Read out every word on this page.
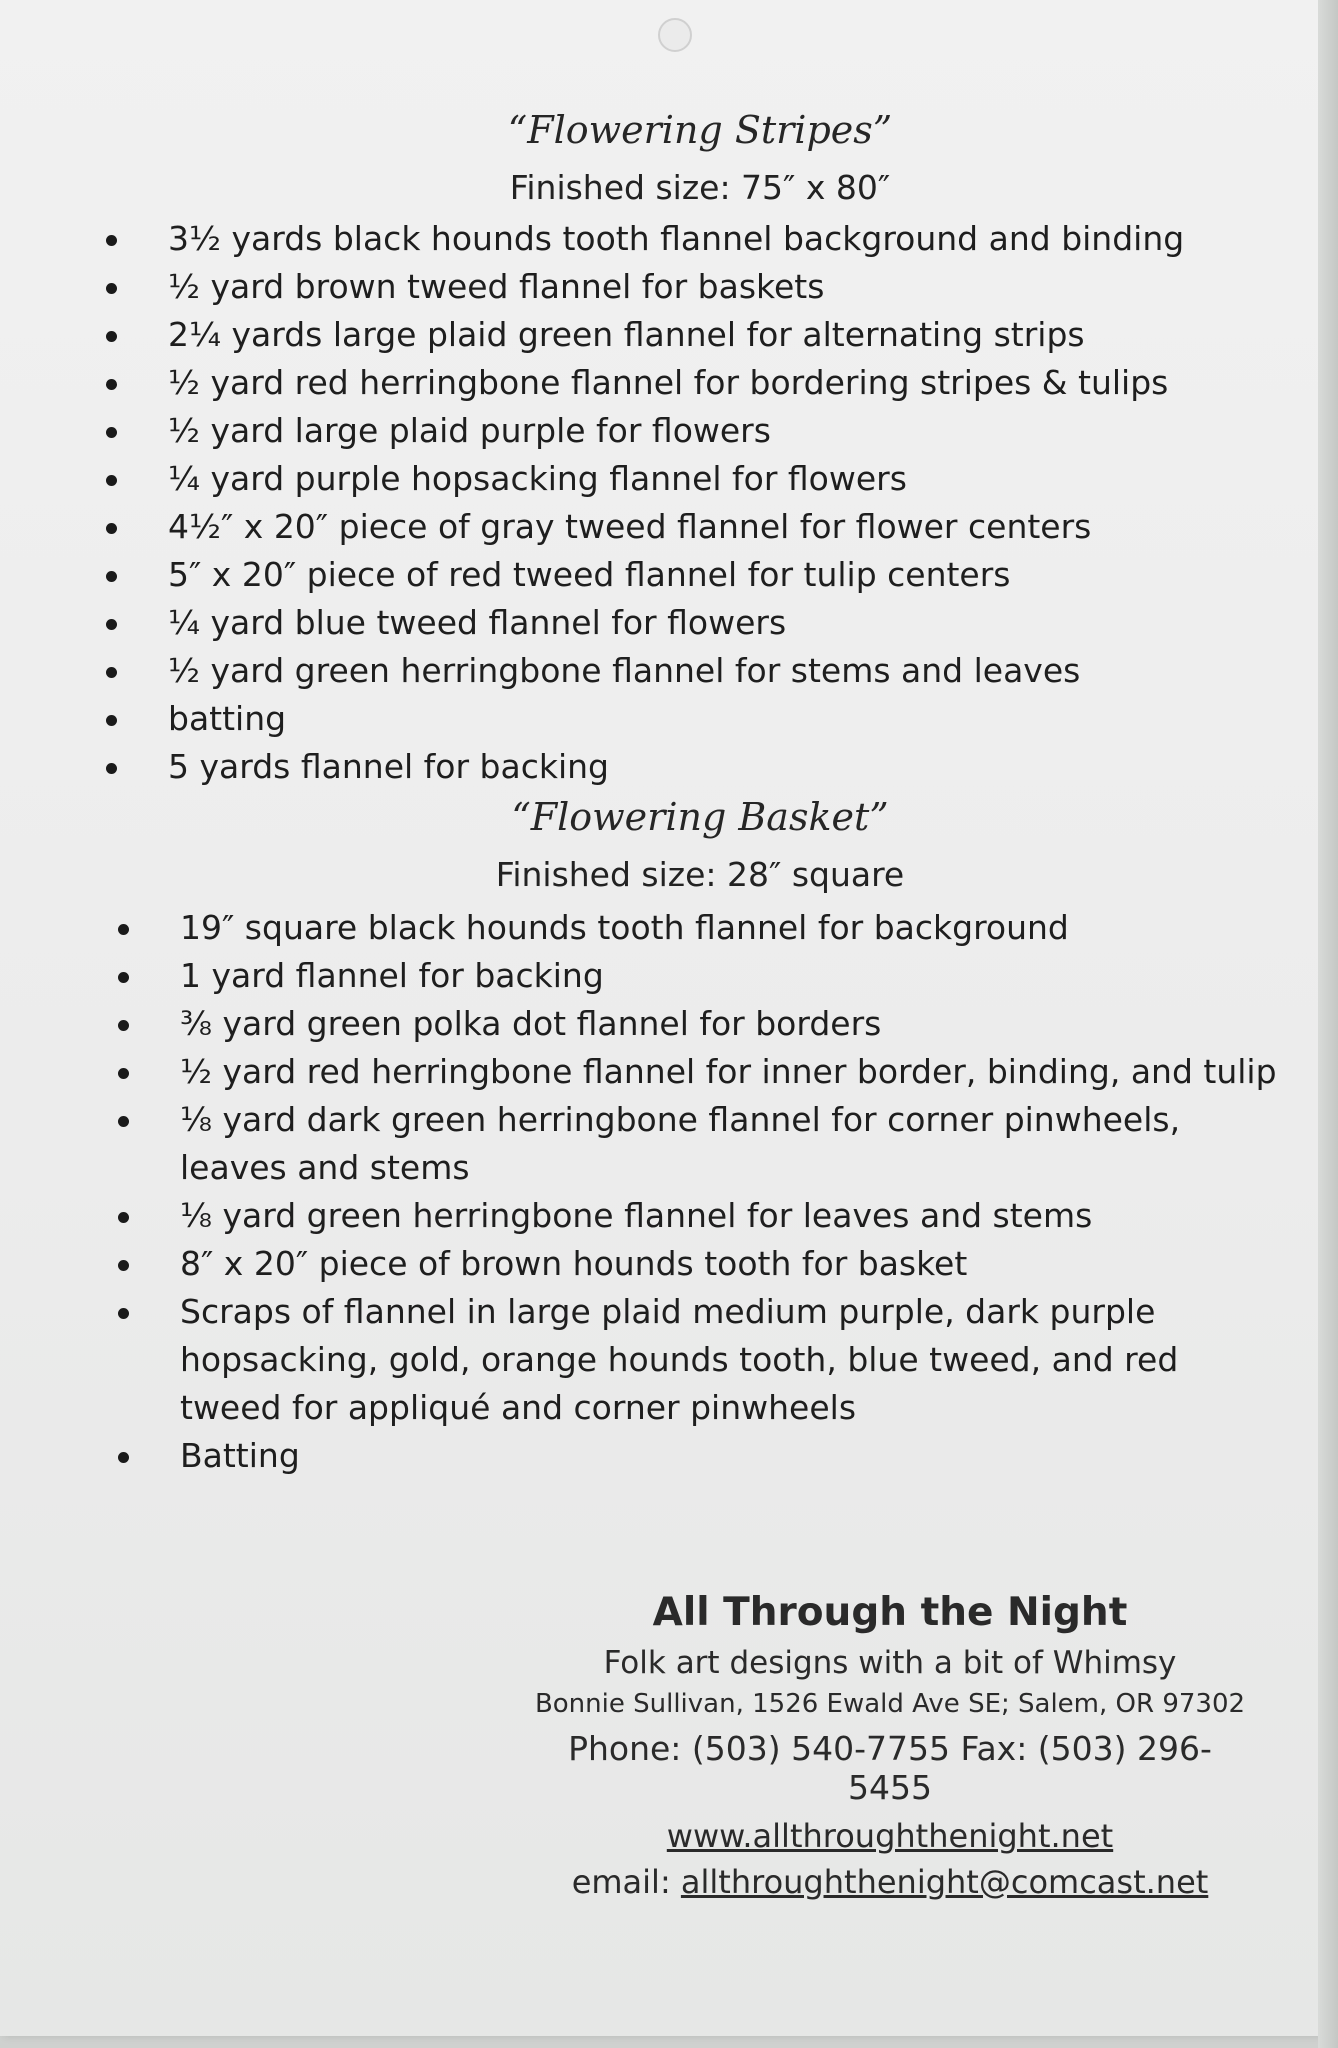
“Flowering Stripes”
Finished size: 75″ x 80″
3½ yards black hounds tooth flannel background and binding
½ yard brown tweed flannel for baskets
2¼ yards large plaid green flannel for alternating strips
½ yard red herringbone flannel for bordering stripes & tulips
½ yard large plaid purple for flowers
¼ yard purple hopsacking flannel for flowers
4½″ x 20″ piece of gray tweed flannel for flower centers
5″ x 20″ piece of red tweed flannel for tulip centers
¼ yard blue tweed flannel for flowers
½ yard green herringbone flannel for stems and leaves
batting
5 yards flannel for backing
“Flowering Basket”
Finished size: 28″ square
19″ square black hounds tooth flannel for background
1 yard flannel for backing
⅜ yard green polka dot flannel for borders
½ yard red herringbone flannel for inner border, binding, and tulip
⅛ yard dark green herringbone flannel for corner pinwheels, leaves and stems
⅛ yard green herringbone flannel for leaves and stems
8″ x 20″ piece of brown hounds tooth for basket
Scraps of flannel in large plaid medium purple, dark purple hopsacking, gold, orange hounds tooth, blue tweed, and red tweed for appliqué and corner pinwheels
Batting
All Through the Night
Folk art designs with a bit of Whimsy
Bonnie Sullivan, 1526 Ewald Ave SE; Salem, OR 97302
Phone: (503) 540-7755 Fax: (503) 296-5455
www.allthroughthenight.net
email: allthroughthenight@comcast.net
